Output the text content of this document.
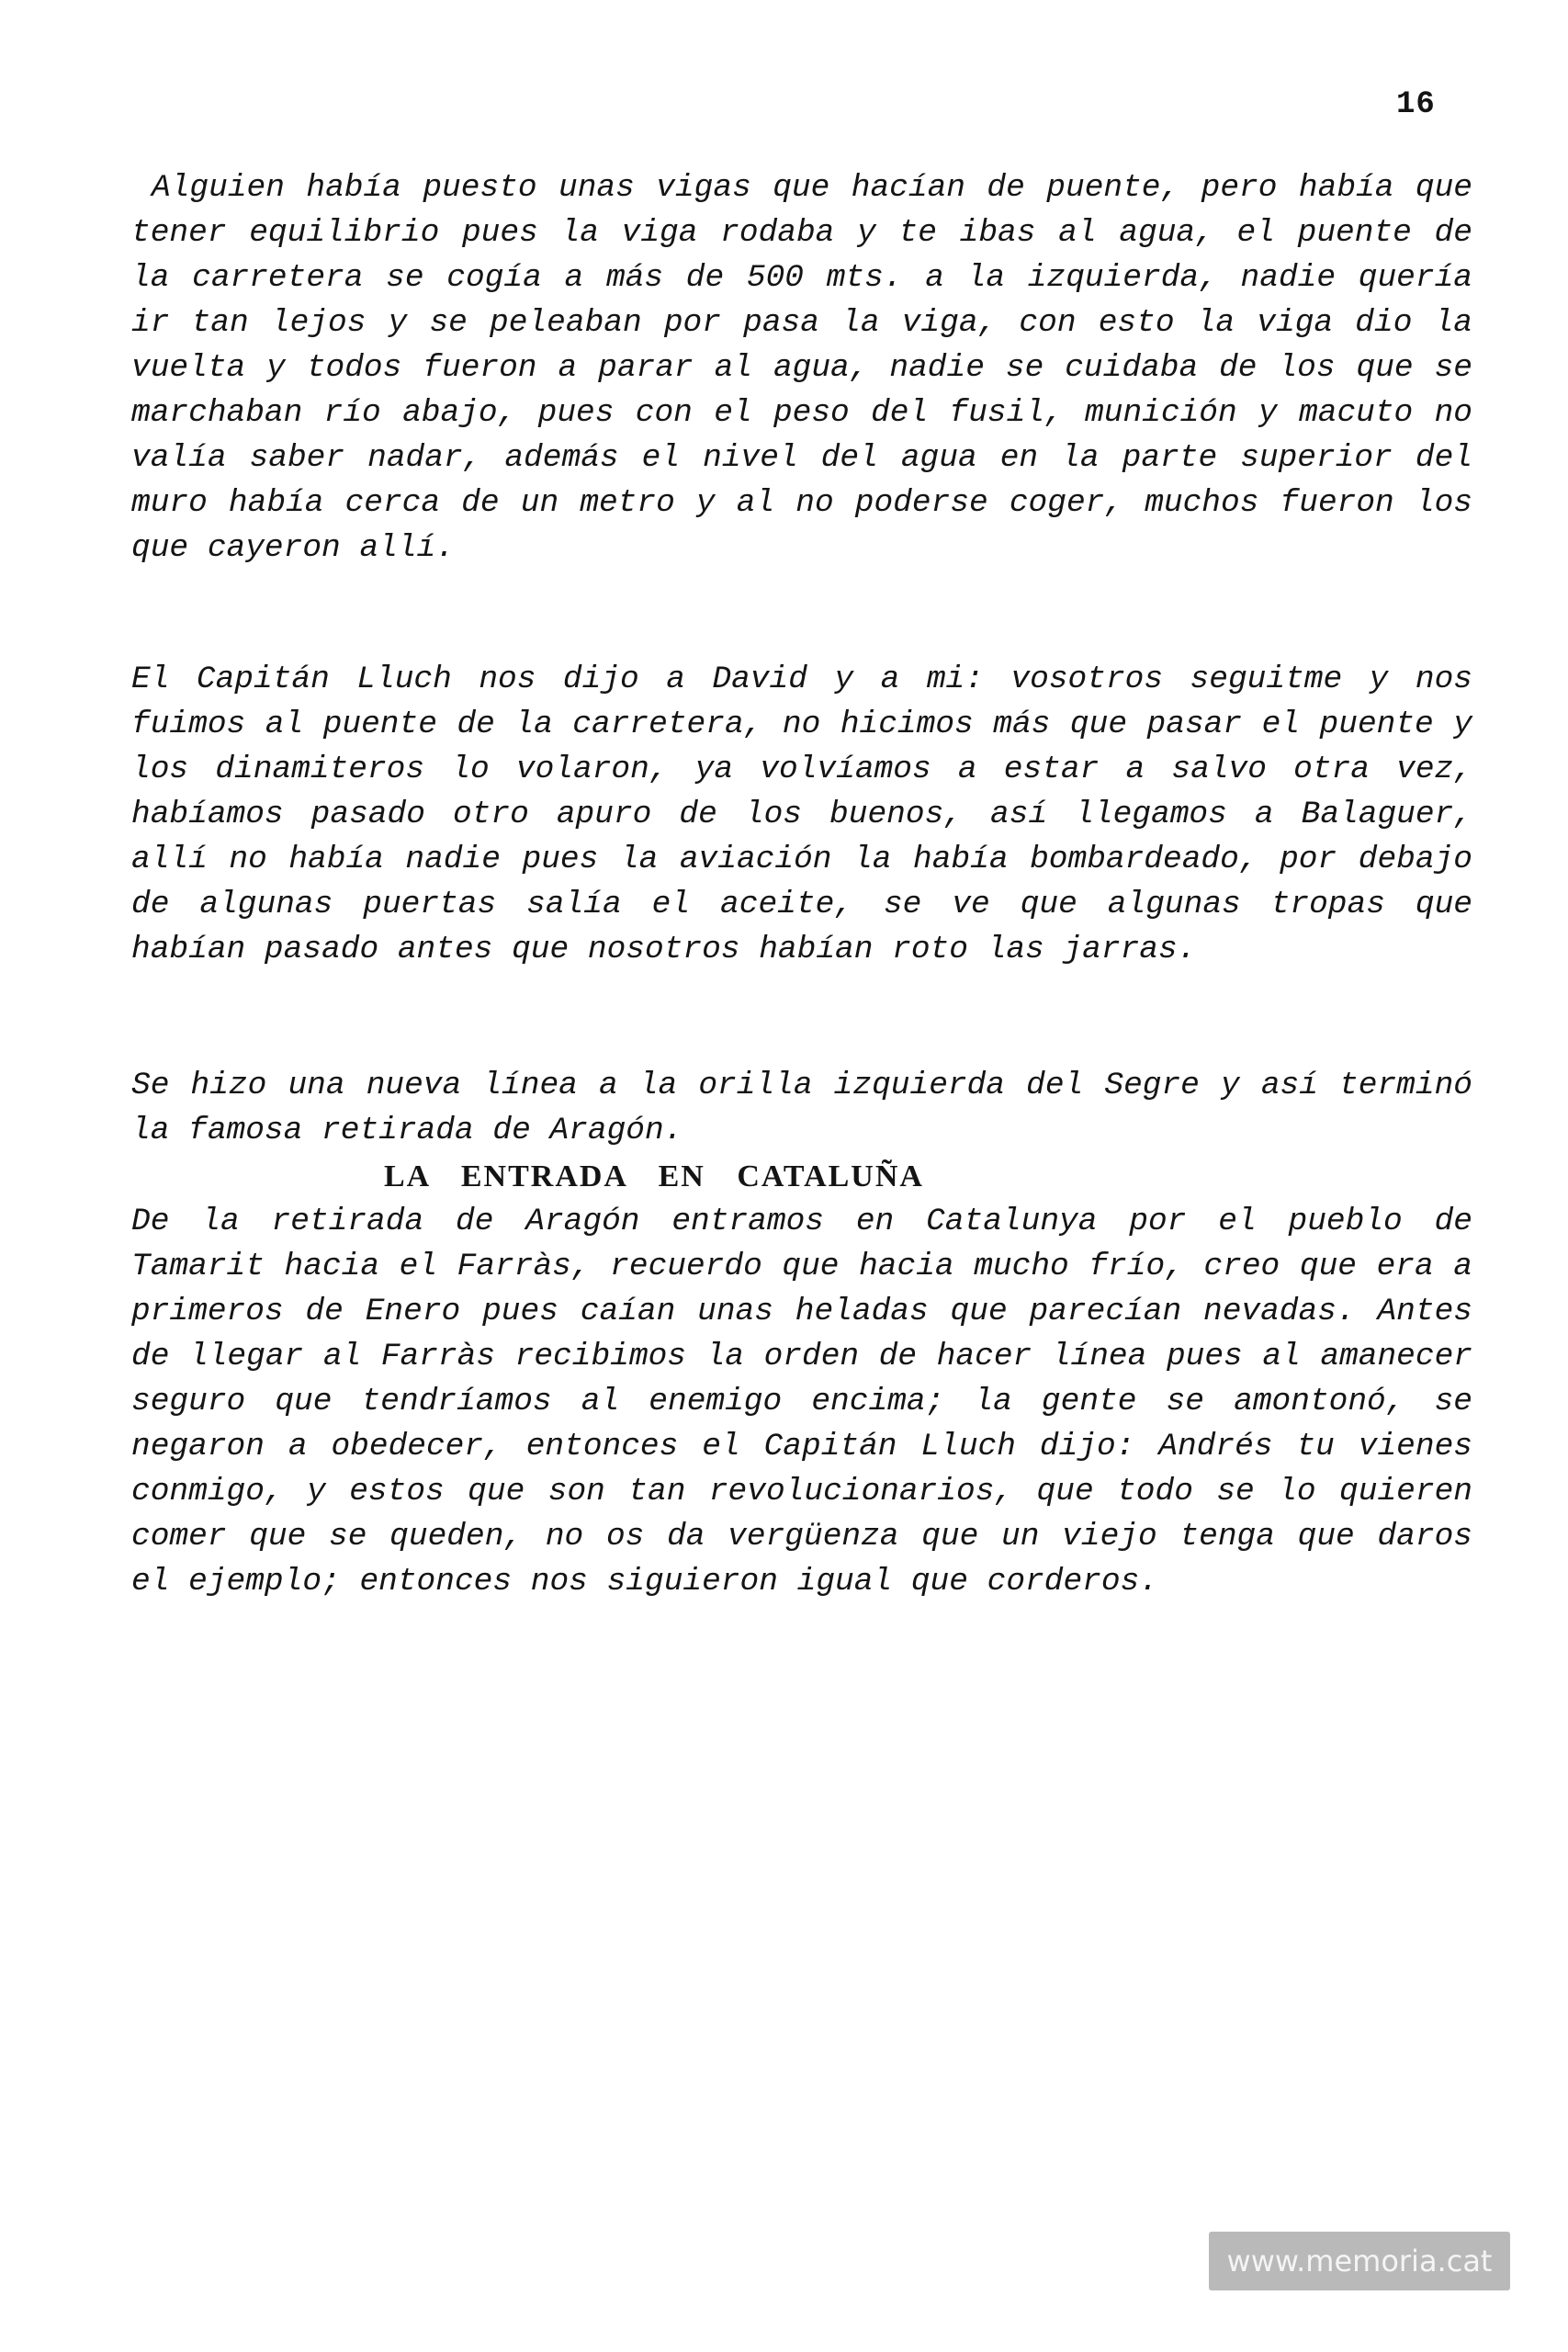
16

Alguien había puesto unas vigas que hacían de puente, pero había que tener equilibrio pues la viga rodaba y te ibas al agua, el puente de la carretera se cogía a más de 500 mts. a la izquierda, nadie quería ir tan lejos y se peleaban por pasa la viga, con esto la viga dio la vuelta y todos fueron a parar al agua, nadie se cuidaba de los que se marchaban río abajo, pues con el peso del fusil, munición y macuto no valía saber nadar, además el nivel del agua en la parte superior del muro había cerca de un metro y al no poderse coger, muchos fueron los que cayeron allí.

El Capitán Lluch nos dijo a David y a mi: vosotros seguitme y nos fuimos al puente de la carretera, no hicimos más que pasar el puente y los dinamiteros lo volaron, ya volvíamos a estar a salvo otra vez, habíamos pasado otro apuro de los buenos, así llegamos a Balaguer, allí no había nadie pues la aviación la había bombardeado, por debajo de algunas puertas salía el aceite, se ve que algunas tropas que habían pasado antes que nosotros habían roto las jarras.

Se hizo una nueva línea a la orilla izquierda del Segre y así terminó la famosa retirada de Aragón.

LA ENTRADA EN CATALUÑA

De la retirada de Aragón entramos en Catalunya por el pueblo de Tamarit hacia el Farràs, recuerdo que hacia mucho frío, creo que era a primeros de Enero pues caían unas heladas que parecían nevadas. Antes de llegar al Farràs recibimos la orden de hacer línea pues al amanecer seguro que tendríamos al enemigo encima; la gente se amontonó, se negaron a obedecer, entonces el Capitán Lluch dijo: Andrés tu vienes conmigo, y estos que son tan revolucionarios, que todo se lo quieren comer que se queden, no os da vergüenza que un viejo tenga que daros el ejemplo; entonces nos siguieron igual que corderos.

www.memoria.cat
